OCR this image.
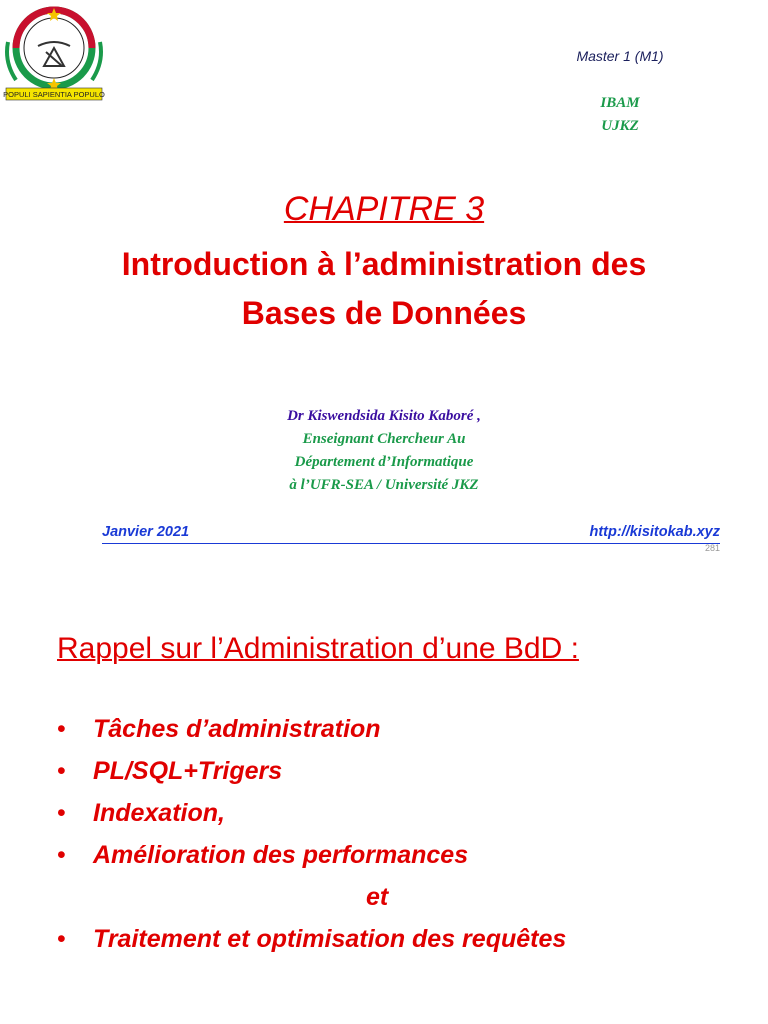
POPULI SAPIENTIA POPULO
Master 1 (M1)
IBAM
UJKZ
CHAPITRE 3
Introduction à l’administration des
Bases de Données
Dr Kiswendsida Kisito Kaboré ,
Enseignant Chercheur Au
Département d’Informatique
à l’UFR-SEA / Université JKZ
Janvier 2021	http://kisitokab.xyz
281
Rappel sur l’Administration d’une BdD :
• Tâches d’administration
• PL/SQL+Trigers
• Indexation,
• Amélioration des performances
et
• Traitement et optimisation des requêtes
